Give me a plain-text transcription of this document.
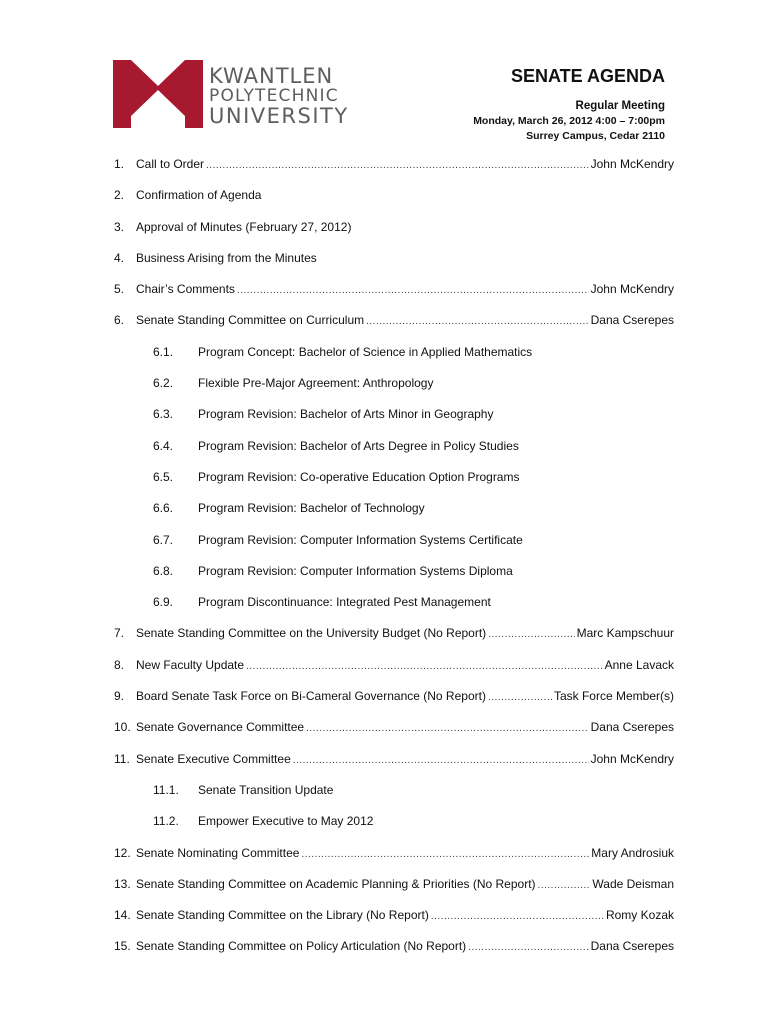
KWANTLEN
POLYTECHNIC
UNIVERSITY
SENATE AGENDA
Regular Meeting
Monday, March 26, 2012 4:00 – 7:00pm
Surrey Campus, Cedar 2110
1. Call to Order .....	John McKendry
2. Confirmation of Agenda
3. Approval of Minutes (February 27, 2012)
4. Business Arising from the Minutes
5. Chair’s Comments .....	John McKendry
6. Senate Standing Committee on Curriculum .....	Dana Cserepes
6.1. Program Concept: Bachelor of Science in Applied Mathematics
6.2. Flexible Pre-Major Agreement: Anthropology
6.3. Program Revision: Bachelor of Arts Minor in Geography
6.4. Program Revision: Bachelor of Arts Degree in Policy Studies
6.5. Program Revision: Co-operative Education Option Programs
6.6. Program Revision: Bachelor of Technology
6.7. Program Revision: Computer Information Systems Certificate
6.8. Program Revision: Computer Information Systems Diploma
6.9. Program Discontinuance: Integrated Pest Management
7. Senate Standing Committee on the University Budget (No Report) .....	Marc Kampschuur
8. New Faculty Update .....	Anne Lavack
9. Board Senate Task Force on Bi-Cameral Governance (No Report) .....	Task Force Member(s)
10. Senate Governance Committee .....	Dana Cserepes
11. Senate Executive Committee .....	John McKendry
11.1. Senate Transition Update
11.2. Empower Executive to May 2012
12. Senate Nominating Committee .....	Mary Androsiuk
13. Senate Standing Committee on Academic Planning & Priorities (No Report) .....	Wade Deisman
14. Senate Standing Committee on the Library (No Report) .....	Romy Kozak
15. Senate Standing Committee on Policy Articulation (No Report) .....	Dana Cserepes
